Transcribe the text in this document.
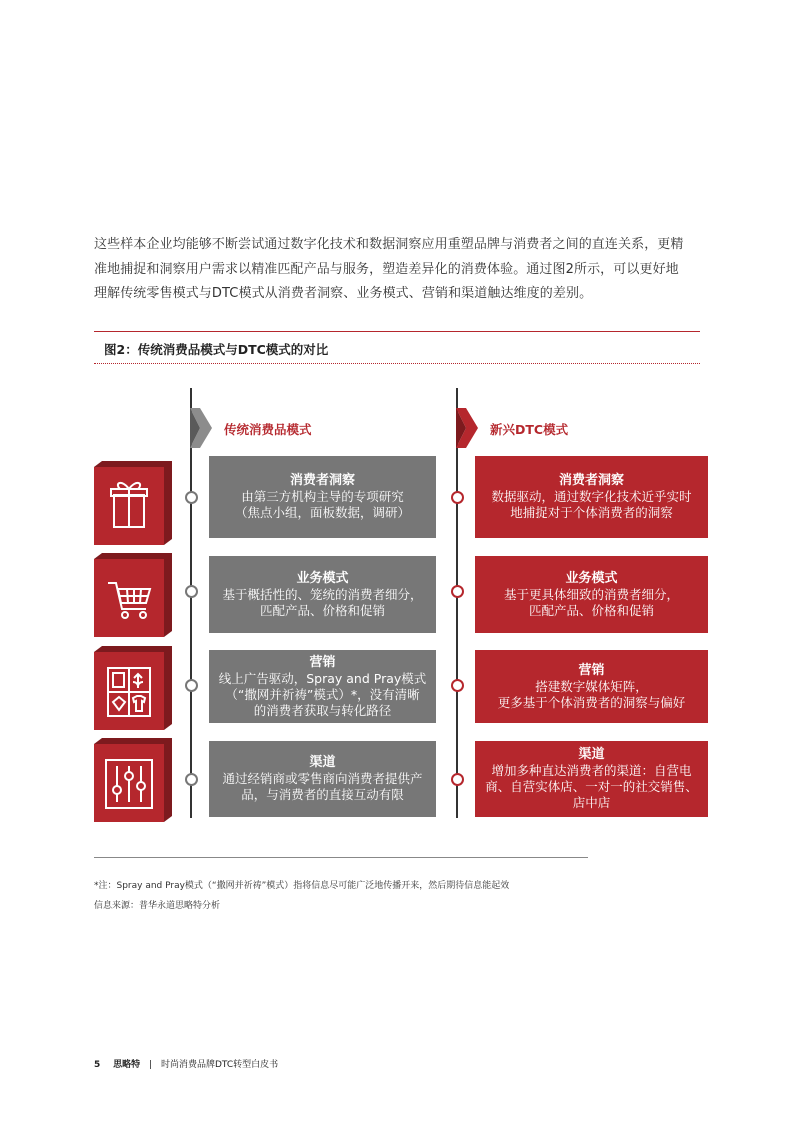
这些样本企业均能够不断尝试通过数字化技术和数据洞察应用重塑品牌与消费者之间的直连关系，更精
准地捕捉和洞察用户需求以精准匹配产品与服务，塑造差异化的消费体验。通过图2所示，可以更好地
理解传统零售模式与DTC模式从消费者洞察、业务模式、营销和渠道触达维度的差别。
图2：传统消费品模式与DTC模式的对比
传统消费品模式	新兴DTC模式
消费者洞察
由第三方机构主导的专项研究
（焦点小组，面板数据，调研）
消费者洞察
数据驱动，通过数字化技术近乎实时
地捕捉对于个体消费者的洞察
业务模式
基于概括性的、笼统的消费者细分，
匹配产品、价格和促销
业务模式
基于更具体细致的消费者细分，
匹配产品、价格和促销
营销
线上广告驱动，Spray and Pray模式
（“撒网并祈祷”模式）*，没有清晰
的消费者获取与转化路径
营销
搭建数字媒体矩阵，
更多基于个体消费者的洞察与偏好
渠道
通过经销商或零售商向消费者提供产
品，与消费者的直接互动有限
渠道
增加多种直达消费者的渠道：自营电
商、自营实体店、一对一的社交销售、
店中店
*注：Spray and Pray模式（“撒网并祈祷”模式）指将信息尽可能广泛地传播开来，然后期待信息能起效
信息来源：普华永道思略特分析
5 思略特 | 时尚消费品牌DTC转型白皮书
